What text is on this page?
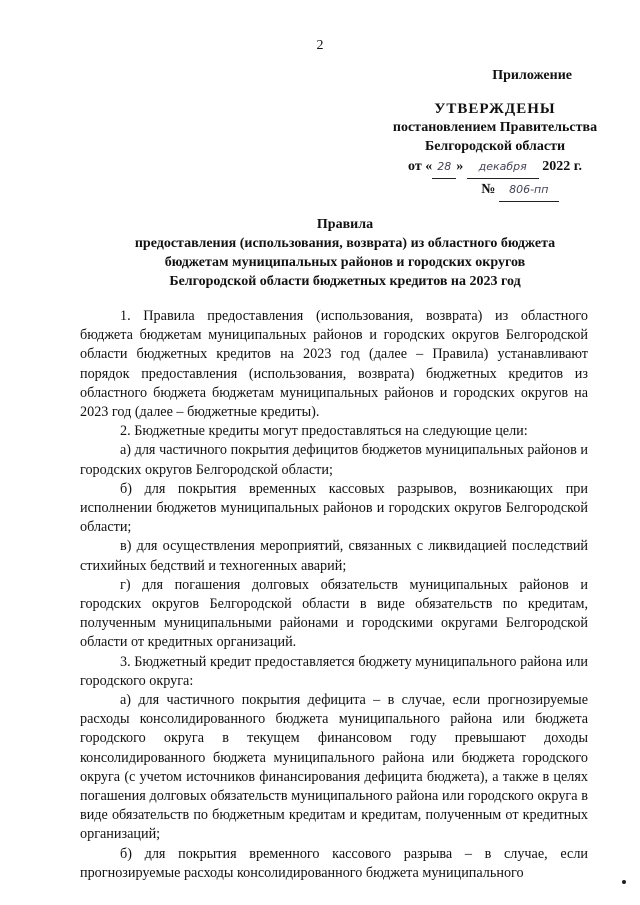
2
Приложение
УТВЕРЖДЕНЫ
постановлением Правительства
Белгородской области
от « 28 » декабря 2022 г.
№ 806-пп
Правила
предоставления (использования, возврата) из областного бюджета
бюджетам муниципальных районов и городских округов
Белгородской области бюджетных кредитов на 2023 год

1. Правила предоставления (использования, возврата) из областного бюджета бюджетам муниципальных районов и городских округов Белгородской области бюджетных кредитов на 2023 год (далее – Правила) устанавливают порядок предоставления (использования, возврата) бюджетных кредитов из областного бюджета бюджетам муниципальных районов и городских округов на 2023 год (далее – бюджетные кредиты).

2. Бюджетные кредиты могут предоставляться на следующие цели:

а) для частичного покрытия дефицитов бюджетов муниципальных районов и городских округов Белгородской области;

б) для покрытия временных кассовых разрывов, возникающих при исполнении бюджетов муниципальных районов и городских округов Белгородской области;

в) для осуществления мероприятий, связанных с ликвидацией последствий стихийных бедствий и техногенных аварий;

г) для погашения долговых обязательств муниципальных районов и городских округов Белгородской области в виде обязательств по кредитам, полученным муниципальными районами и городскими округами Белгородской области от кредитных организаций.

3. Бюджетный кредит предоставляется бюджету муниципального района или городского округа:

а) для частичного покрытия дефицита – в случае, если прогнозируемые расходы консолидированного бюджета муниципального района или бюджета городского округа в текущем финансовом году превышают доходы консолидированного бюджета муниципального района или бюджета городского округа (с учетом источников финансирования дефицита бюджета), а также в целях погашения долговых обязательств муниципального района или городского округа в виде обязательств по бюджетным кредитам и кредитам, полученным от кредитных организаций;

б) для покрытия временного кассового разрыва – в случае, если прогнозируемые расходы консолидированного бюджета муниципального
